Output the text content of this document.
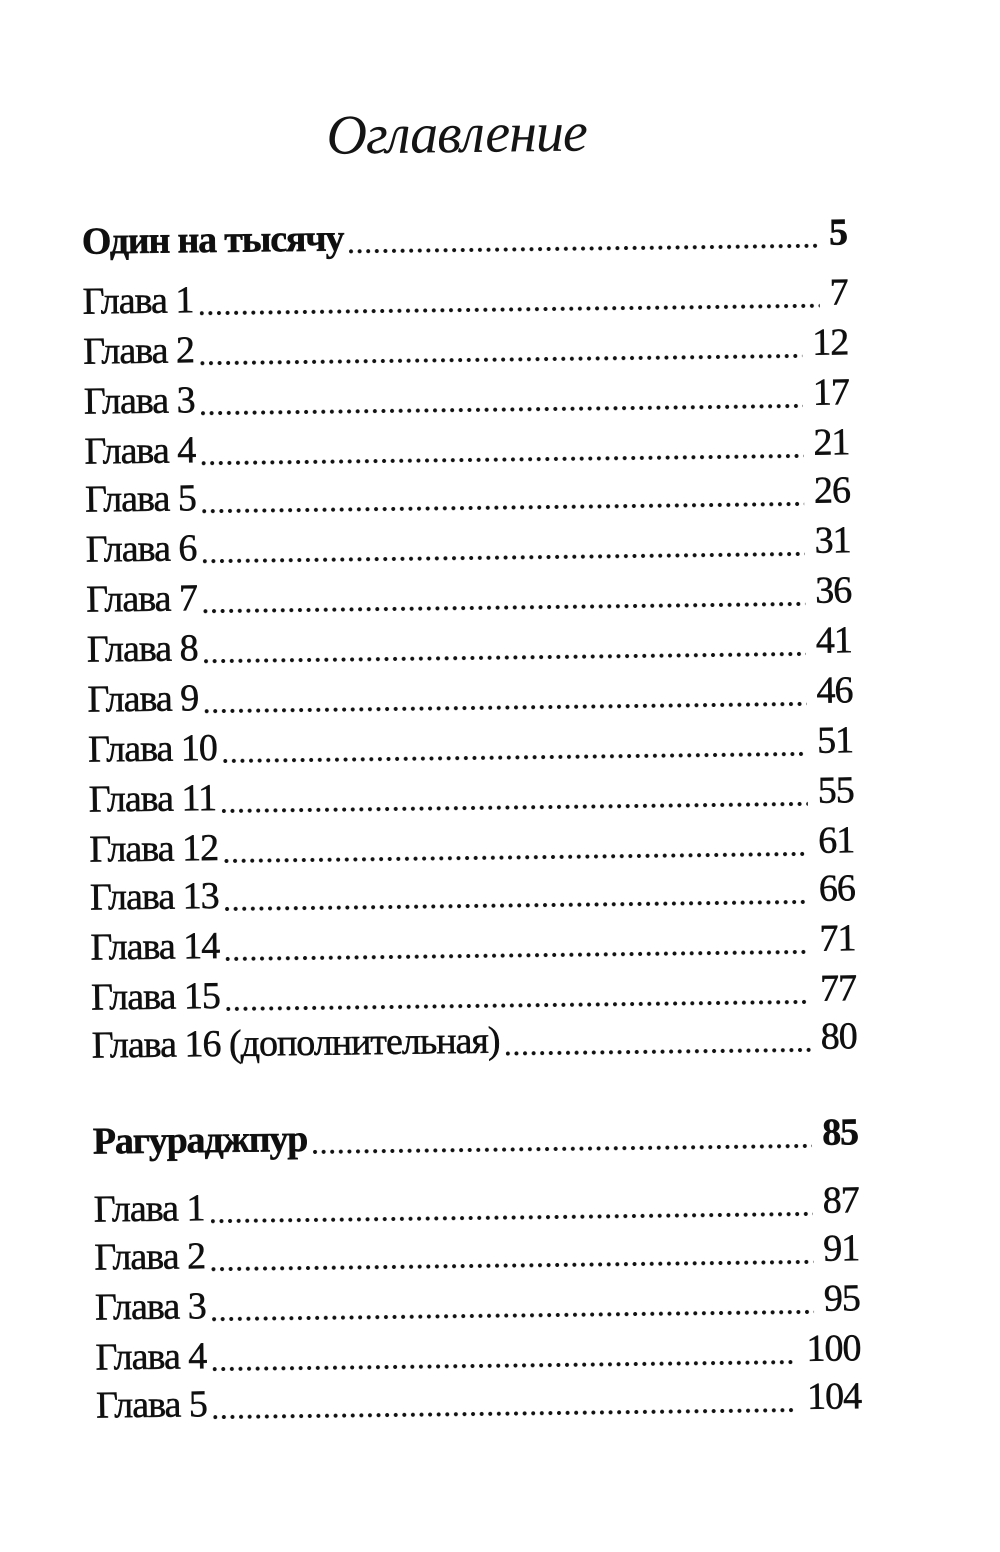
Оглавление
Один на тысячу	5
Глава 1	7
Глава 2	12
Глава 3	17
Глава 4	21
Глава 5	26
Глава 6	31
Глава 7	36
Глава 8	41
Глава 9	46
Глава 10	51
Глава 11	55
Глава 12	61
Глава 13	66
Глава 14	71
Глава 15	77
Глава 16 (дополнительная)	80
Рагураджпур	85
Глава 1	87
Глава 2	91
Глава 3	95
Глава 4	100
Глава 5	104
